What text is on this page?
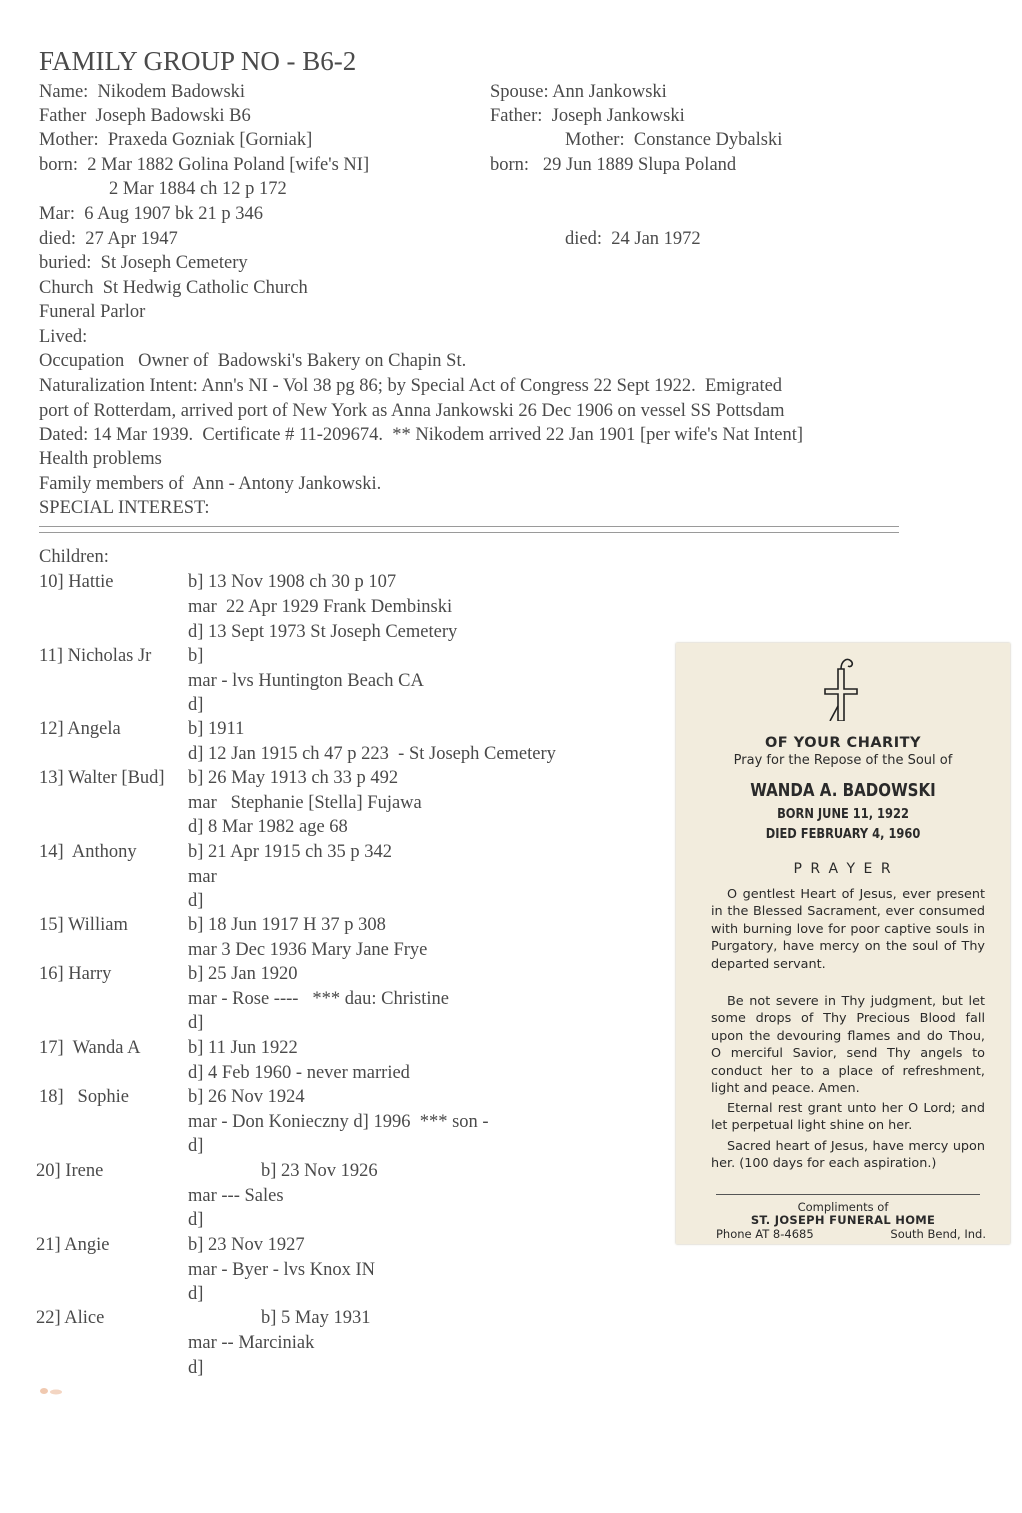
FAMILY GROUP NO - B6-2
Name:  Nikodem Badowski
Father  Joseph Badowski B6
Mother:  Praxeda Gozniak [Gorniak]
born:  2 Mar 1882 Golina Poland [wife's NI]
2 Mar 1884 ch 12 p 172
Mar:  6 Aug 1907 bk 21 p 346
died:  27 Apr 1947
buried:  St Joseph Cemetery
Church  St Hedwig Catholic Church
Funeral Parlor
Lived:
Spouse: Ann Jankowski
Father:  Joseph Jankowski
Mother:  Constance Dybalski
born:   29 Jun 1889 Slupa Poland
died:  24 Jan 1972
Occupation   Owner of  Badowski's Bakery on Chapin St.
Naturalization Intent: Ann's NI - Vol 38 pg 86; by Special Act of Congress 22 Sept 1922.  Emigrated
port of Rotterdam, arrived port of New York as Anna Jankowski 26 Dec 1906 on vessel SS Pottsdam
Dated: 14 Mar 1939.  Certificate # 11-209674.  ** Nikodem arrived 22 Jan 1901 [per wife's Nat Intent]
Health problems
Family members of  Ann - Antony Jankowski.
SPECIAL INTEREST:
Children:
10] Hattie	b] 13 Nov 1908 ch 30 p 107
mar  22 Apr 1929 Frank Dembinski
d] 13 Sept 1973 St Joseph Cemetery
11] Nicholas Jr b]
mar - lvs Huntington Beach CA
d]
12] Angela	b] 1911
d] 12 Jan 1915 ch 47 p 223  - St Joseph Cemetery
13] Walter [Bud] b] 26 May 1913 ch 33 p 492
mar   Stephanie [Stella] Fujawa
d] 8 Mar 1982 age 68
14]  Anthony	b] 21 Apr 1915 ch 35 p 342
mar
d]
15] William	b] 18 Jun 1917 H 37 p 308
mar 3 Dec 1936 Mary Jane Frye
16] Harry	b] 25 Jan 1920
mar - Rose ----   *** dau: Christine
d]
17]  Wanda A	b] 11 Jun 1922
d] 4 Feb 1960 - never married
18]   Sophie	b] 26 Nov 1924
mar - Don Konieczny d] 1996  *** son -
d]
20] Irene	b] 23 Nov 1926
mar --- Sales
d]
21] Angie	b] 23 Nov 1927
mar - Byer - lvs Knox IN
d]
22] Alice	b] 5 May 1931
mar -- Marciniak
d]
OF YOUR CHARITY
Pray for the Repose of the Soul of
WANDA A. BADOWSKI
BORN JUNE 11, 1922
DIED FEBRUARY 4, 1960
P R A Y E R

O gentlest Heart of Jesus, ever present in the Blessed Sacrament, ever consumed with burning love for poor captive souls in Purgatory, have mercy on the soul of Thy departed servant.

Be not severe in Thy judgment, but let some drops of Thy Precious Blood fall upon the devouring flames and do Thou, O merciful Savior, send Thy angels to conduct her to a place of refreshment, light and peace. Amen.

Eternal rest grant unto her O Lord; and let perpetual light shine on her.

Sacred heart of Jesus, have mercy upon her. (100 days for each aspiration.)

Compliments of
ST. JOSEPH FUNERAL HOME
Phone AT 8-4685	South Bend, Ind.
